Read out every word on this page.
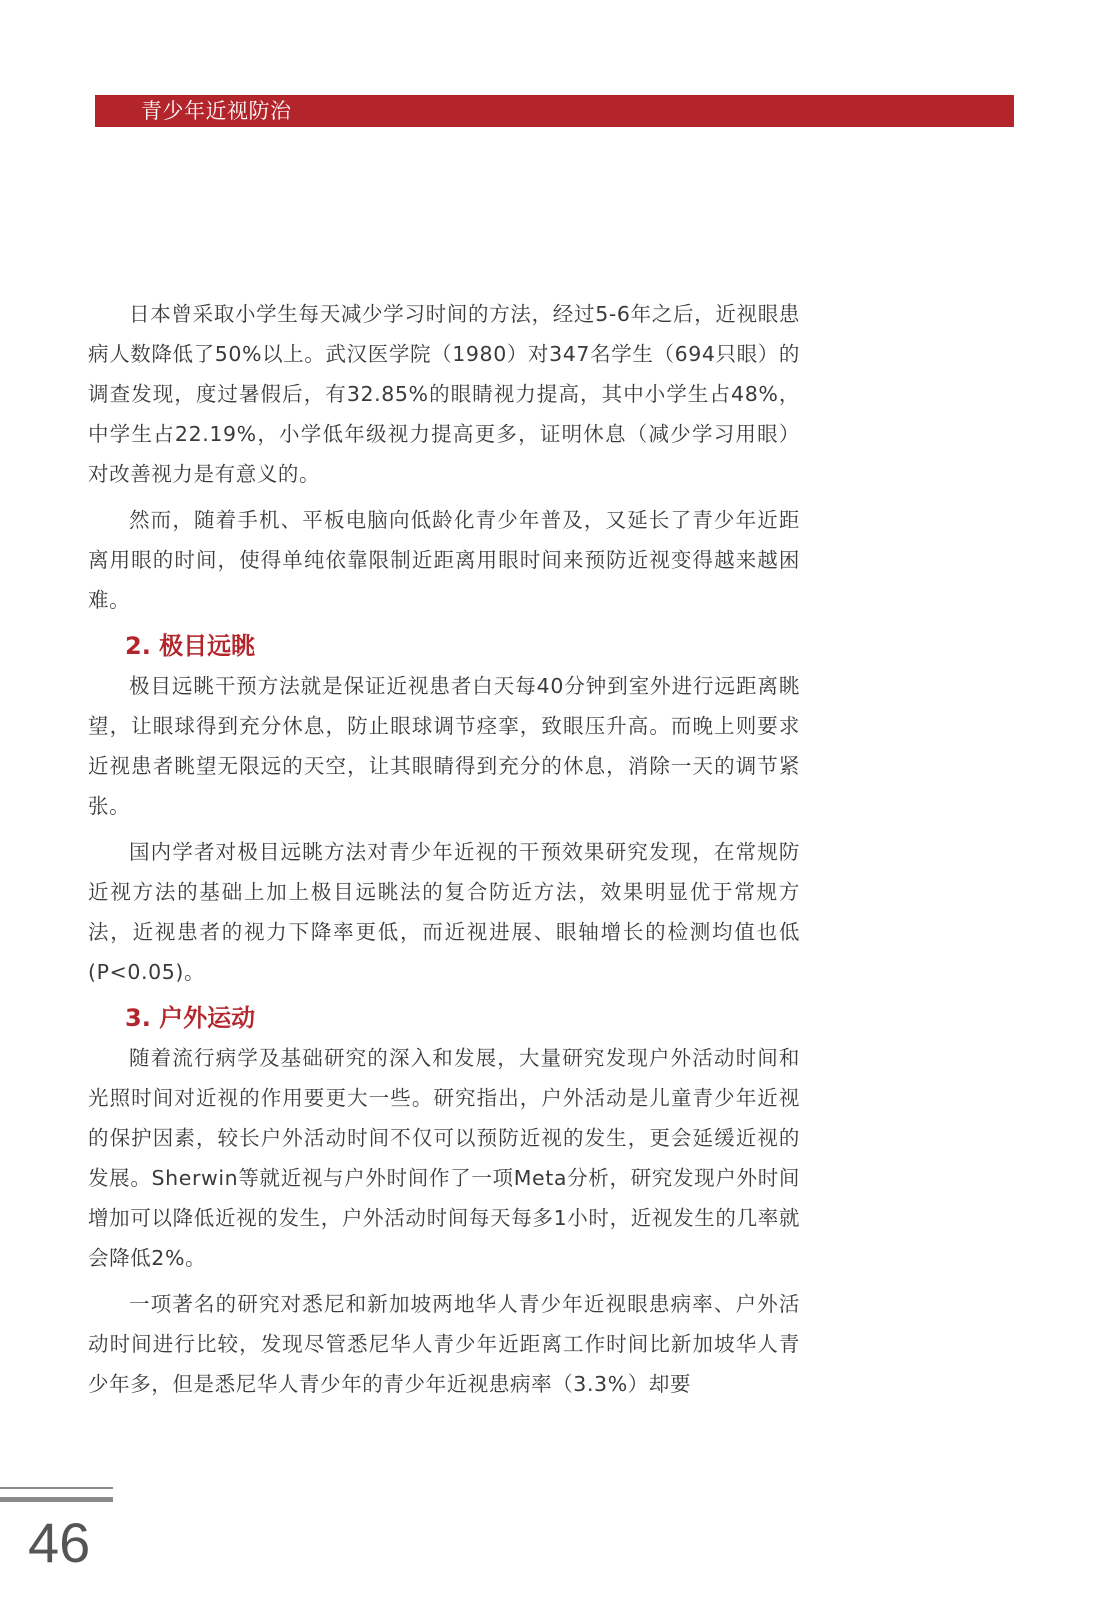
青少年近视防治

日本曾采取小学生每天减少学习时间的方法，经过5-6年之后，近视眼患病人数降低了50%以上。武汉医学院（1980）对347名学生（694只眼）的调查发现，度过暑假后，有32.85%的眼睛视力提高，其中小学生占48%，中学生占22.19%，小学低年级视力提高更多，证明休息（减少学习用眼）对改善视力是有意义的。

然而，随着手机、平板电脑向低龄化青少年普及，又延长了青少年近距离用眼的时间，使得单纯依靠限制近距离用眼时间来预防近视变得越来越困难。

2. 极目远眺

极目远眺干预方法就是保证近视患者白天每40分钟到室外进行远距离眺望，让眼球得到充分休息，防止眼球调节痉挛，致眼压升高。而晚上则要求近视患者眺望无限远的天空，让其眼睛得到充分的休息，消除一天的调节紧张。

国内学者对极目远眺方法对青少年近视的干预效果研究发现，在常规防近视方法的基础上加上极目远眺法的复合防近方法，效果明显优于常规方法，近视患者的视力下降率更低，而近视进展、眼轴增长的检测均值也低(P<0.05)。

3. 户外运动

随着流行病学及基础研究的深入和发展，大量研究发现户外活动时间和光照时间对近视的作用要更大一些。研究指出，户外活动是儿童青少年近视的保护因素，较长户外活动时间不仅可以预防近视的发生，更会延缓近视的发展。Sherwin等就近视与户外时间作了一项Meta分析，研究发现户外时间增加可以降低近视的发生，户外活动时间每天每多1小时，近视发生的几率就会降低2%。

一项著名的研究对悉尼和新加坡两地华人青少年近视眼患病率、户外活动时间进行比较，发现尽管悉尼华人青少年近距离工作时间比新加坡华人青少年多，但是悉尼华人青少年的青少年近视患病率（3.3%）却要

46
